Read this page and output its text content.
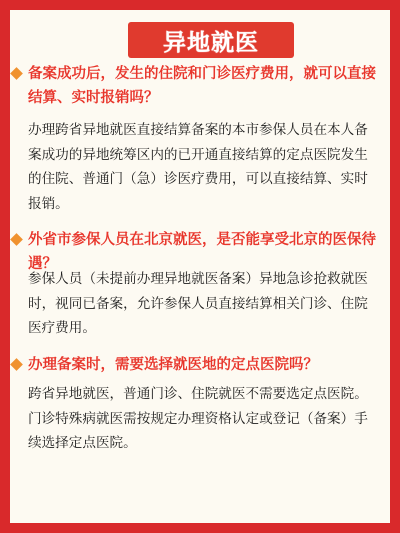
异地就医
备案成功后，发生的住院和门诊医疗费用，就可以直接结算、实时报销吗？

办理跨省异地就医直接结算备案的本市参保人员在本人备案成功的异地统筹区内的已开通直接结算的定点医院发生的住院、普通门（急）诊医疗费用，可以直接结算、实时报销。

外省市参保人员在北京就医，是否能享受北京的医保待遇？

参保人员（未提前办理异地就医备案）异地急诊抢救就医时，视同已备案，允许参保人员直接结算相关门诊、住院医疗费用。

办理备案时，需要选择就医地的定点医院吗？

跨省异地就医，普通门诊、住院就医不需要选定点医院。

门诊特殊病就医需按规定办理资格认定或登记（备案）手续选择定点医院。
